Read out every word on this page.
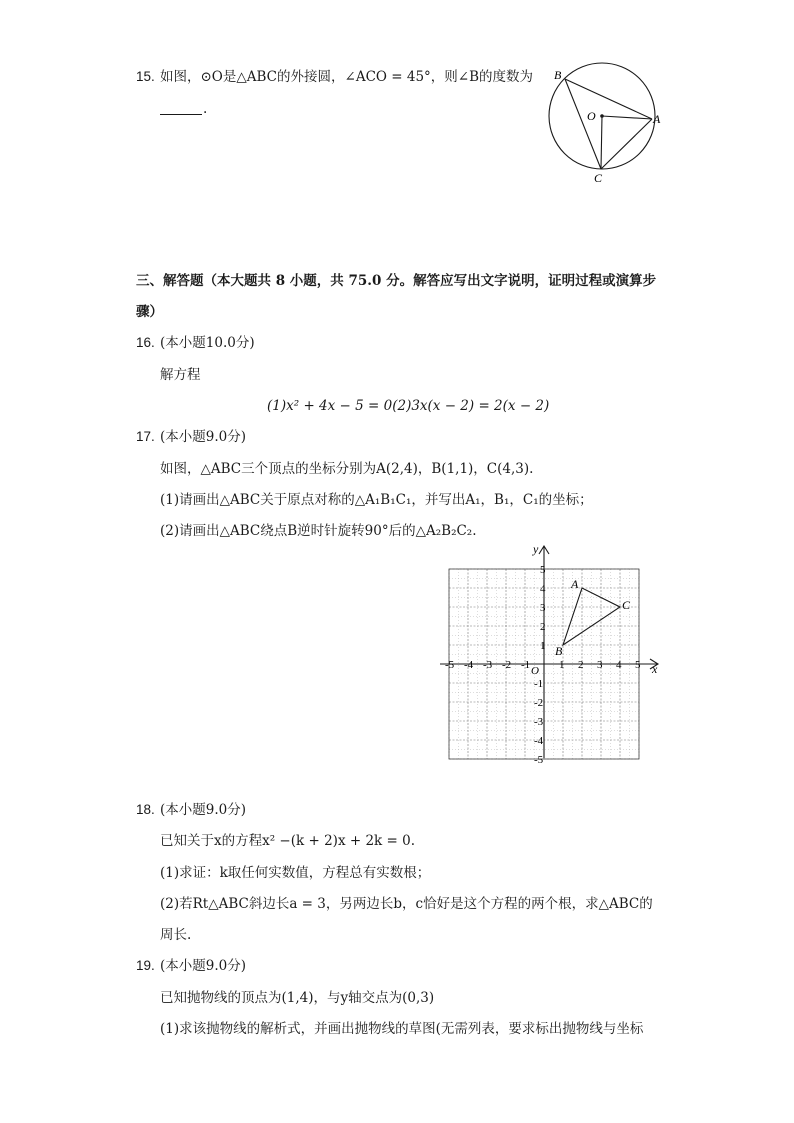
15. 如图，⊙O是△ABC的外接圆，∠ACO = 45°，则∠B的度数为
.
B
O	A
C
三、解答题（本大题共 8 小题，共 75.0 分。解答应写出文字说明，证明过程或演算步
骤）
16. (本小题10.0分)
解方程
(1)x² + 4x − 5 = 0(2)3x(x − 2) = 2(x − 2)
17. (本小题9.0分)
如图，△ABC三个顶点的坐标分别为A(2,4)，B(1,1)，C(4,3).
(1)请画出△ABC关于原点对称的△A₁B₁C₁，并写出A₁，B₁，C₁的坐标；
(2)请画出△ABC绕点B逆时针旋转90°后的△A₂B₂C₂.
x
y
O
-5 -4 -3 -2 -1	1 2 3 4 5
5
4
3
2
1
-1
-2
-3
-4
-5
A
B
C
18. (本小题9.0分)
已知关于x的方程x² −(k + 2)x + 2k = 0.
(1)求证：k取任何实数值，方程总有实数根；
(2)若Rt△ABC斜边长a = 3，另两边长b，c恰好是这个方程的两个根，求△ABC的
周长.
19. (本小题9.0分)
已知抛物线的顶点为(1,4)，与y轴交点为(0,3)
(1)求该抛物线的解析式，并画出抛物线的草图(无需列表，要求标出抛物线与坐标
